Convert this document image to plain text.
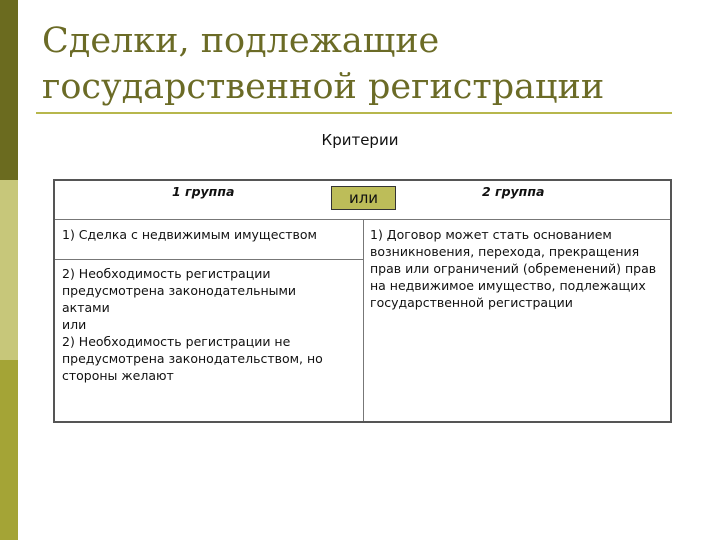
Сделки, подлежащие государственной регистрации
Критерии
1 группа	2 группа
или
1) Сделка с недвижимым имуществом
2) Необходимость регистрации предусмотрена законодательными актами
или
2) Необходимость регистрации не предусмотрена законодательством, но стороны желают
1) Договор может стать основанием возникновения, перехода, прекращения прав или ограничений (обременений) прав на недвижимое имущество, подлежащих государственной регистрации
